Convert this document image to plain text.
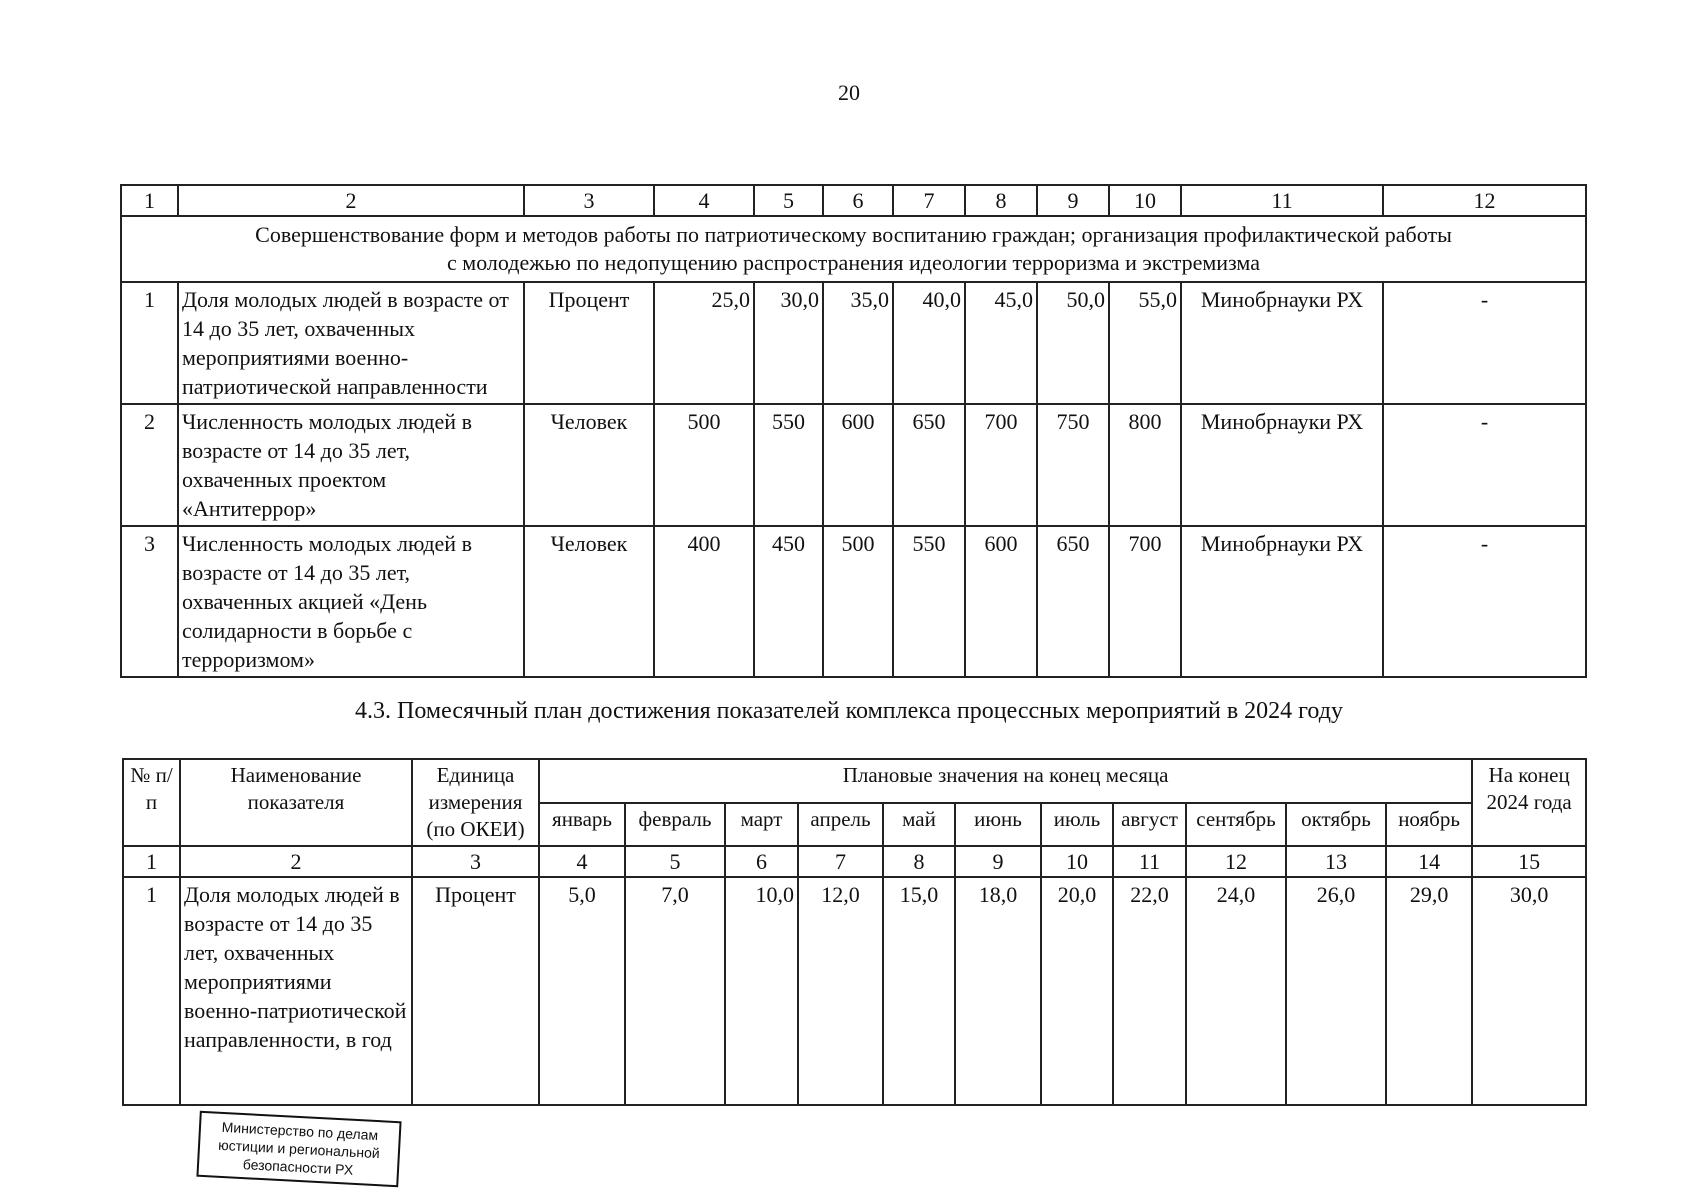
20
1	2	3	4	5	6	7	8	9	10	11	12

Совершенствование форм и методов работы по патриотическому воспитанию граждан; организация профилактической работы
с молодежью по недопущению распространения идеологии терроризма и экстремизма											

1	Доля молодых людей в возрасте от 14 до 35 лет, охваченных мероприятиями военно-патриотической направленности	Процент	25,0	30,0	35,0	40,0	45,0	50,0	55,0	Минобрнауки РХ	-
2	Численность молодых людей в возрасте от 14 до 35 лет, охваченных проектом «Антитеррор»	Человек	500	550	600	650	700	750	800	Минобрнауки РХ	-
3	Численность молодых людей в возрасте от 14 до 35 лет, охваченных акцией «День солидарности в борьбе с терроризмом»	Человек	400	450	500	550	600	650	700	Минобрнауки РХ	-
4.3. Помесячный план достижения показателей комплекса процессных мероприятий в 2024 году
№ п/п	Наименование показателя	Единица измерения (по ОКЕИ)	Плановые значения на конец месяца											На конец 2024 года
			январь	февраль	март	апрель	май	июнь	июль	август	сентябрь	октябрь	ноябрь	
1	2	3	4	5	6	7	8	9	10	11	12	13	14	15
1	Доля молодых людей в возрасте от 14 до 35 лет, охваченных мероприятиями военно-патриотической направленности, в год	Процент	5,0	7,0	10,0	12,0	15,0	18,0	20,0	22,0	24,0	26,0	29,0	30,0
Министерство по делам
юстиции и региональной
безопасности РХ
